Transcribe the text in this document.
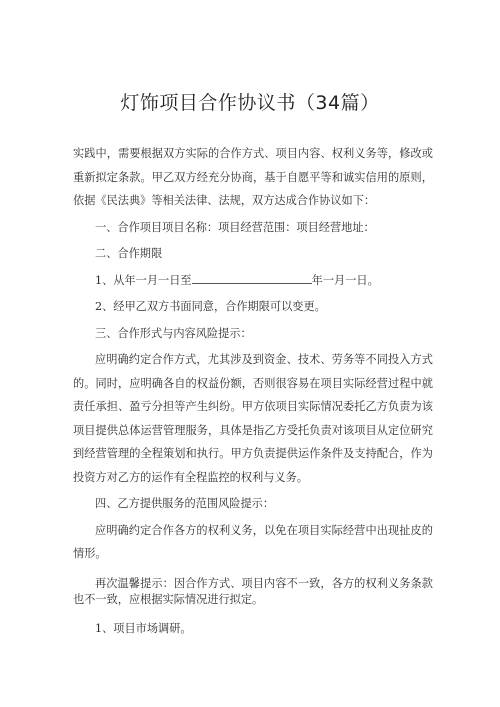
灯饰项目合作协议书（34篇）
实践中，需要根据双方实际的合作方式、项目内容、权利义务等，修改或重新拟定条款。甲乙双方经充分协商，基于自愿平等和诚实信用的原则，依据《民法典》等相关法律、法规，双方达成合作协议如下：
一、合作项目项目名称：项目经营范围：项目经营地址：
二、合作期限
1、从年一月一日至	年一月一日。
2、经甲乙双方书面同意，合作期限可以变更。
三、合作形式与内容风险提示：
应明确约定合作方式，尤其涉及到资金、技术、劳务等不同投入方式的。同时，应明确各自的权益份额，否则很容易在项目实际经营过程中就责任承担、盈亏分担等产生纠纷。甲方依项目实际情况委托乙方负责为该项目提供总体运营管理服务，具体是指乙方受托负责对该项目从定位研究到经营管理的全程策划和执行。甲方负责提供运作条件及支持配合，作为投资方对乙方的运作有全程监控的权利与义务。
四、乙方提供服务的范围风险提示：
应明确约定合作各方的权利义务，以免在项目实际经营中出现扯皮的情形。
再次温馨提示：因合作方式、项目内容不一致，各方的权利义务条款也不一致，应根据实际情况进行拟定。
1、项目市场调研。
